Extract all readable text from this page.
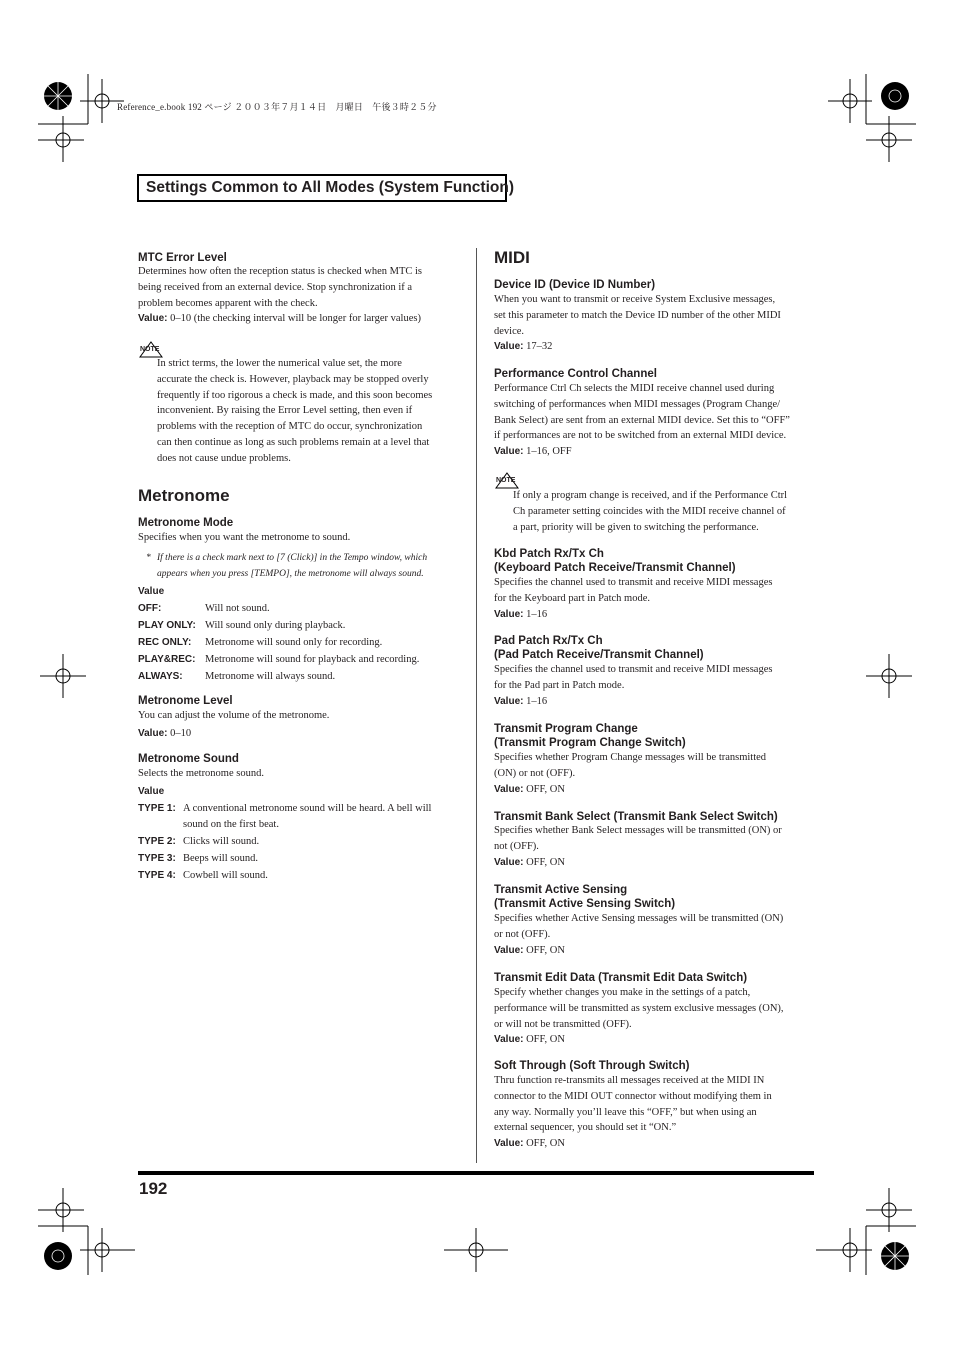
Reference_e.book 192 ページ ２００３年７月１４日　月曜日　午後３時２５分
Settings Common to All Modes (System Function)
MTC Error Level
Determines how often the reception status is checked when MTC is
being received from an external device. Stop synchronization if a
problem becomes apparent with the check.
Value: 0–10 (the checking interval will be longer for larger values)
NOTE
In strict terms, the lower the numerical value set, the more
accurate the check is. However, playback may be stopped overly
frequently if too rigorous a check is made, and this soon becomes
inconvenient. By raising the Error Level setting, then even if
problems with the reception of MTC do occur, synchronization
can then continue as long as such problems remain at a level that
does not cause undue problems.
Metronome
Metronome Mode
Specifies when you want the metronome to sound.
* If there is a check mark next to [7 (Click)] in the Tempo window, which
appears when you press [TEMPO], the metronome will always sound.
Value
OFF:	Will not sound.
PLAY ONLY: Will sound only during playback.
REC ONLY: Metronome will sound only for recording.
PLAY&REC: Metronome will sound for playback and recording.
ALWAYS: Metronome will always sound.
Metronome Level
You can adjust the volume of the metronome.
Value: 0–10
Metronome Sound
Selects the metronome sound.
Value
TYPE 1: A conventional metronome sound will be heard. A bell will
sound on the first beat.
TYPE 2: Clicks will sound.
TYPE 3: Beeps will sound.
TYPE 4: Cowbell will sound.
MIDI
Device ID (Device ID Number)
When you want to transmit or receive System Exclusive messages,
set this parameter to match the Device ID number of the other MIDI
device.
Value: 17–32
Performance Control Channel
Performance Ctrl Ch selects the MIDI receive channel used during
switching of performances when MIDI messages (Program Change/
Bank Select) are sent from an external MIDI device. Set this to “OFF”
if performances are not to be switched from an external MIDI device.
Value: 1–16, OFF
NOTE
If only a program change is received, and if the Performance Ctrl
Ch parameter setting coincides with the MIDI receive channel of
a part, priority will be given to switching the performance.
Kbd Patch Rx/Tx Ch
(Keyboard Patch Receive/Transmit Channel)
Specifies the channel used to transmit and receive MIDI messages
for the Keyboard part in Patch mode.
Value: 1–16
Pad Patch Rx/Tx Ch
(Pad Patch Receive/Transmit Channel)
Specifies the channel used to transmit and receive MIDI messages
for the Pad part in Patch mode.
Value: 1–16
Transmit Program Change
(Transmit Program Change Switch)
Specifies whether Program Change messages will be transmitted
(ON) or not (OFF).
Value: OFF, ON
Transmit Bank Select (Transmit Bank Select Switch)
Specifies whether Bank Select messages will be transmitted (ON) or
not (OFF).
Value: OFF, ON
Transmit Active Sensing
(Transmit Active Sensing Switch)
Specifies whether Active Sensing messages will be transmitted (ON)
or not (OFF).
Value: OFF, ON
Transmit Edit Data (Transmit Edit Data Switch)
Specify whether changes you make in the settings of a patch,
performance will be transmitted as system exclusive messages (ON),
or will not be transmitted (OFF).
Value: OFF, ON
Soft Through (Soft Through Switch)
Thru function re-transmits all messages received at the MIDI IN
connector to the MIDI OUT connector without modifying them in
any way. Normally you’ll leave this “OFF,” but when using an
external sequencer, you should set it “ON.”
Value: OFF, ON
192
